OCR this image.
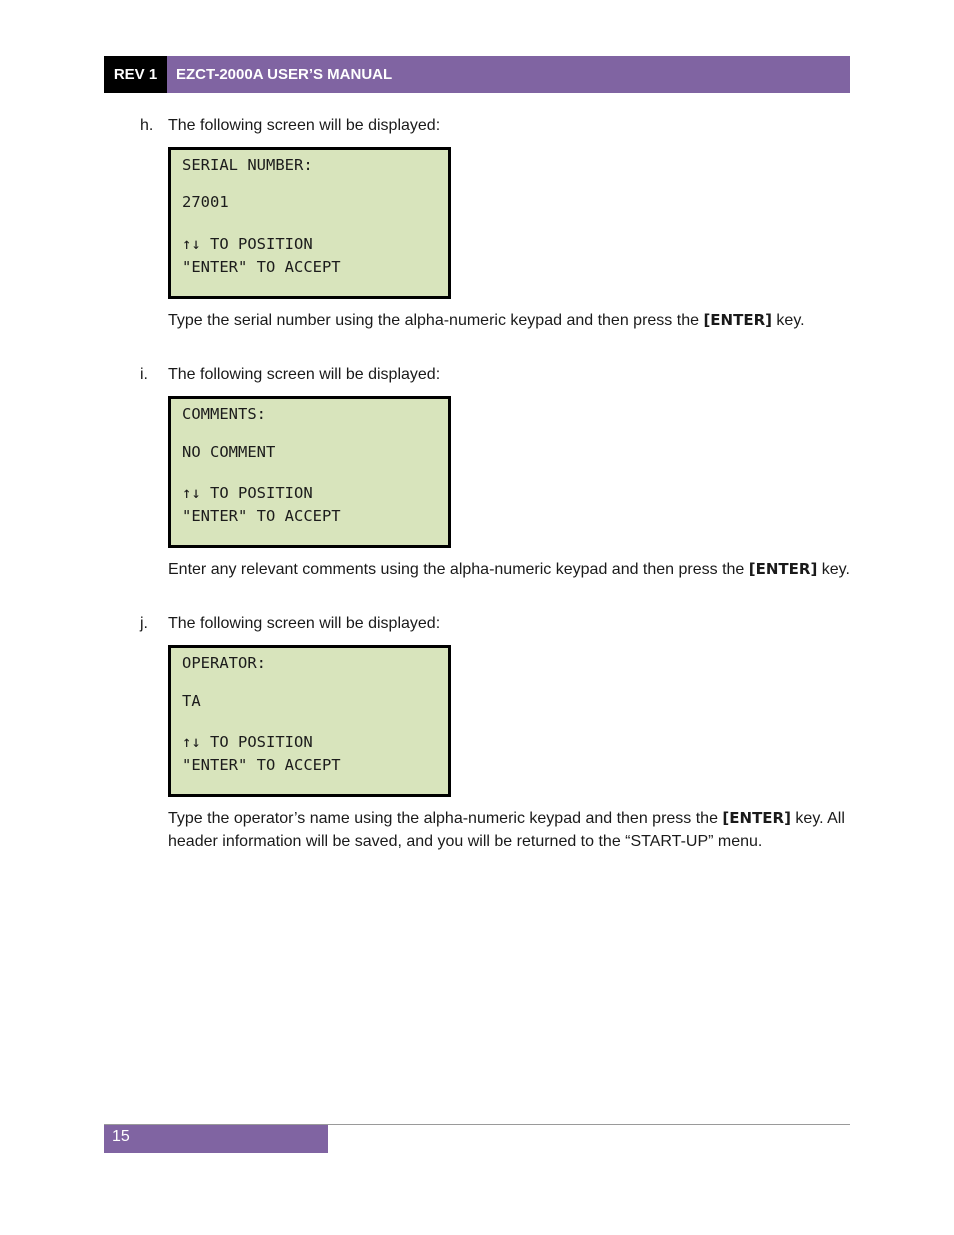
REV 1	EZCT-2000A USER’S MANUAL
h. The following screen will be displayed:
SERIAL NUMBER:
27001
↑↓ TO POSITION
"ENTER" TO ACCEPT
Type the serial number using the alpha-numeric keypad and then press the [ENTER] key.
i. The following screen will be displayed:
COMMENTS:
NO COMMENT
↑↓ TO POSITION
"ENTER" TO ACCEPT
Enter any relevant comments using the alpha-numeric keypad and then press the [ENTER] key.
j. The following screen will be displayed:
OPERATOR:
TA
↑↓ TO POSITION
"ENTER" TO ACCEPT
Type the operator’s name using the alpha-numeric keypad and then press the [ENTER] key. All header information will be saved, and you will be returned to the “START-UP” menu.
15
